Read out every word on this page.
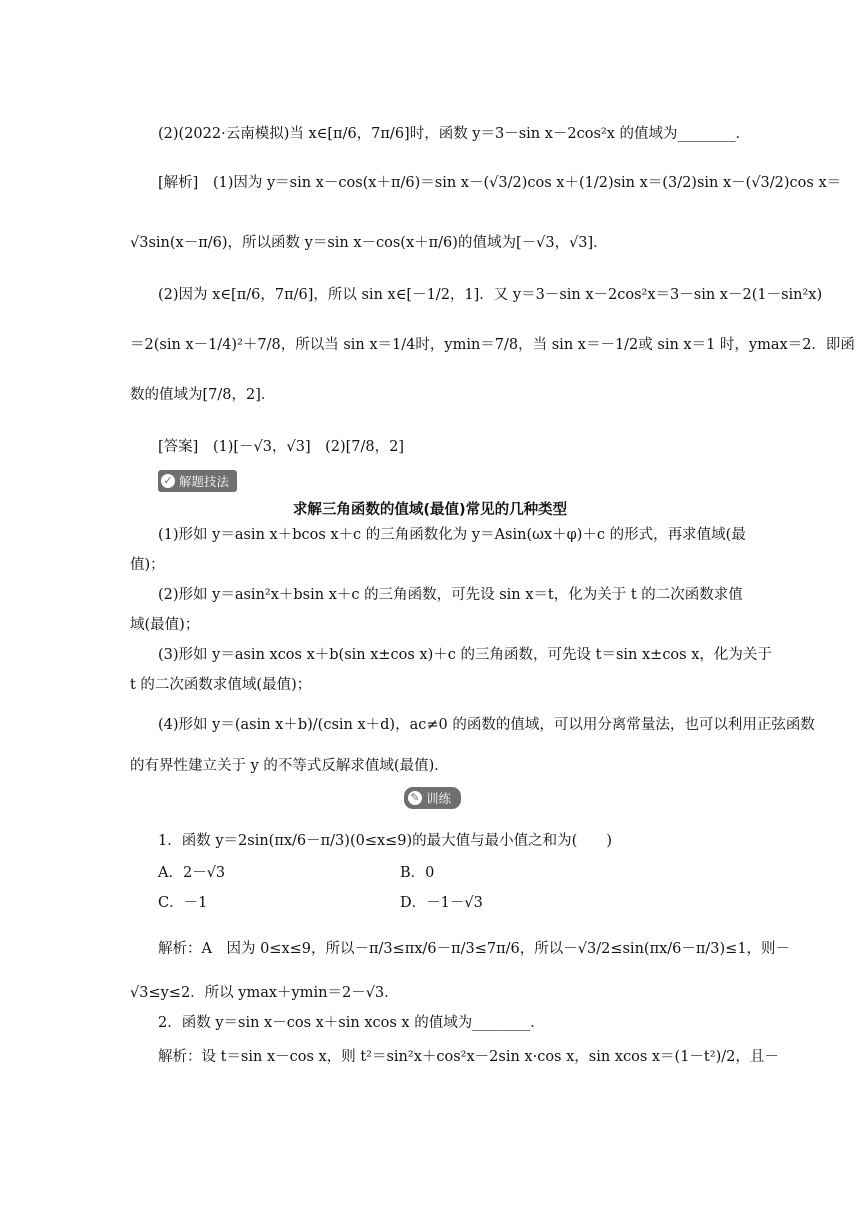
(2)(2022·云南模拟)当 x∈[π/6，7π/6]时，函数 y＝3－sin x－2cos²x 的值域为________．
[解析]　(1)因为 y＝sin x－cos(x＋π/6)＝sin x－(√3/2)cos x＋(1/2)sin x＝(3/2)sin x－(√3/2)cos x＝
√3sin(x－π/6)，所以函数 y＝sin x－cos(x＋π/6)的值域为[－√3，√3]．
(2)因为 x∈[π/6，7π/6]，所以 sin x∈[－1/2，1]．又 y＝3－sin x－2cos²x＝3－sin x－2(1－sin²x)
＝2(sin x－1/4)²＋7/8，所以当 sin x＝1/4时，ymin＝7/8，当 sin x＝－1/2或 sin x＝1 时，ymax＝2．即函
数的值域为[7/8，2]．
[答案]　(1)[－√3，√3]　(2)[7/8，2]
✓ 解题技法
求解三角函数的值域(最值)常见的几种类型
(1)形如 y＝asin x＋bcos x＋c 的三角函数化为 y＝Asin(ωx＋φ)＋c 的形式，再求值域(最
值)；
(2)形如 y＝asin²x＋bsin x＋c 的三角函数，可先设 sin x＝t，化为关于 t 的二次函数求值
域(最值)；
(3)形如 y＝asin xcos x＋b(sin x±cos x)＋c 的三角函数，可先设 t＝sin x±cos x，化为关于
t 的二次函数求值域(最值)；
(4)形如 y＝(asin x＋b)/(csin x＋d)，ac≠0 的函数的值域，可以用分离常量法，也可以利用正弦函数
的有界性建立关于 y 的不等式反解求值域(最值)．
✎ 训练
1．函数 y＝2sin(πx/6－π/3)(0≤x≤9)的最大值与最小值之和为(　　)
A．2－√3	B．0
C．－1	D．－1－√3
解析：A　因为 0≤x≤9，所以－π/3≤πx/6－π/3≤7π/6，所以－√3/2≤sin(πx/6－π/3)≤1，则－
√3≤y≤2．所以 ymax＋ymin＝2－√3．
2．函数 y＝sin x－cos x＋sin xcos x 的值域为________．
解析：设 t＝sin x－cos x，则 t²＝sin²x＋cos²x－2sin x·cos x，sin xcos x＝(1－t²)/2，且－
